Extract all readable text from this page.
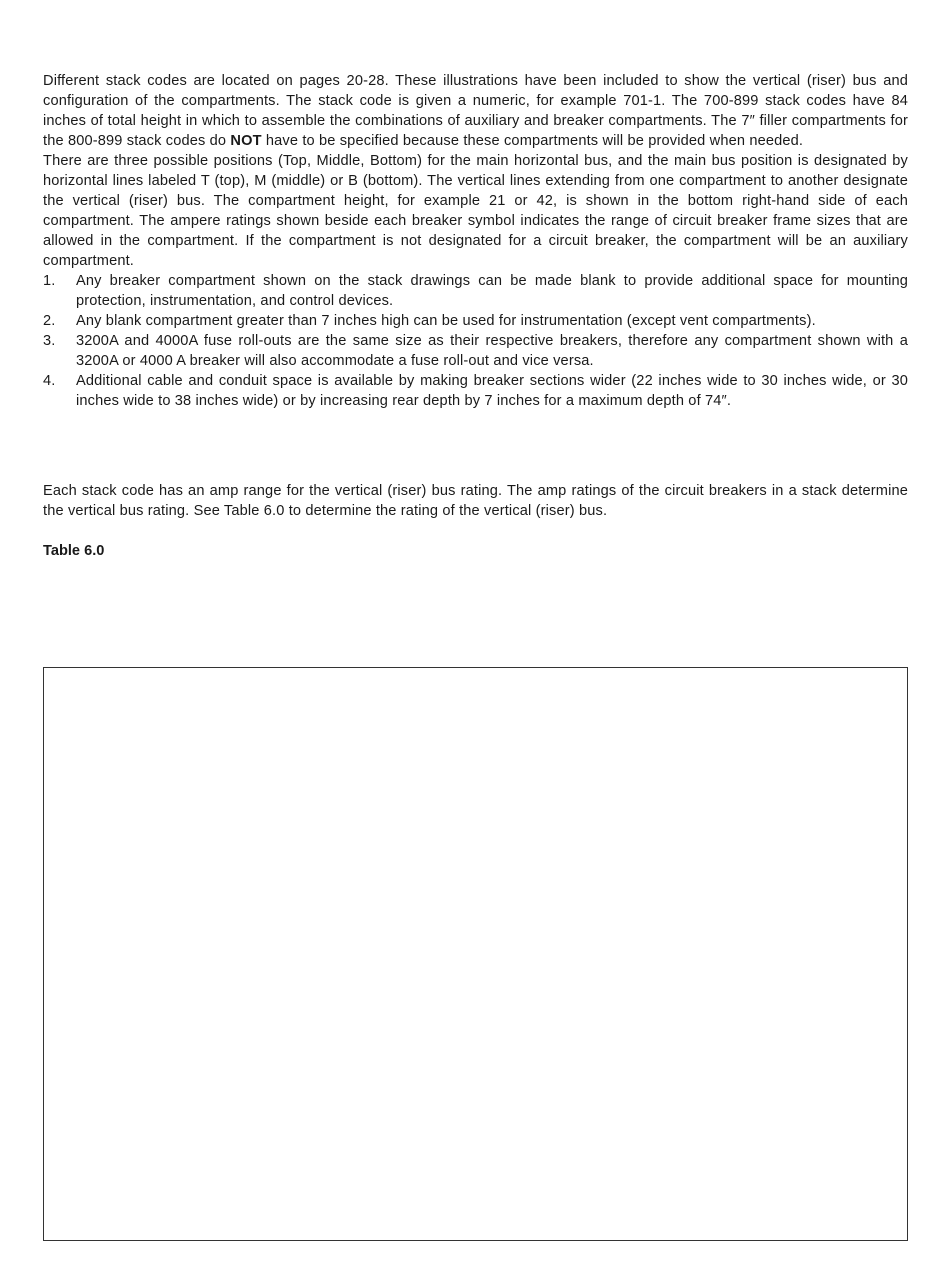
Different stack codes are located on pages 20-28. These illustrations have been included to show the vertical (riser) bus and configuration of the compartments. The stack code is given a numeric, for example 701-1. The 700-899 stack codes have 84 inches of total height in which to assemble the combinations of auxiliary and breaker compartments. The 7″ filler compartments for the 800-899 stack codes do NOT have to be specified because these compartments will be provided when needed.

There are three possible positions (Top, Middle, Bottom) for the main horizontal bus, and the main bus position is designated by horizontal lines labeled T (top), M (middle) or B (bottom). The vertical lines extending from one compartment to another designate the vertical (riser) bus. The compartment height, for example 21 or 42, is shown in the bottom right-hand side of each compartment. The ampere ratings shown beside each breaker symbol indicates the range of circuit breaker frame sizes that are allowed in the compartment. If the compartment is not designated for a circuit breaker, the compartment will be an auxiliary compartment.

1. Any breaker compartment shown on the stack drawings can be made blank to provide additional space for mounting protection, instrumentation, and control devices.
2. Any blank compartment greater than 7 inches high can be used for instrumentation (except vent compartments).
3. 3200A and 4000A fuse roll-outs are the same size as their respective breakers, therefore any compartment shown with a 3200A or 4000 A breaker will also accommodate a fuse roll-out and vice versa.
4. Additional cable and conduit space is available by making breaker sections wider (22 inches wide to 30 inches wide, or 30 inches wide to 38 inches wide) or by increasing rear depth by 7 inches for a maximum depth of 74″.

Each stack code has an amp range for the vertical (riser) bus rating. The amp ratings of the circuit breakers in a stack determine the vertical bus rating. See Table 6.0 to determine the rating of the vertical (riser) bus.

Table 6.0
